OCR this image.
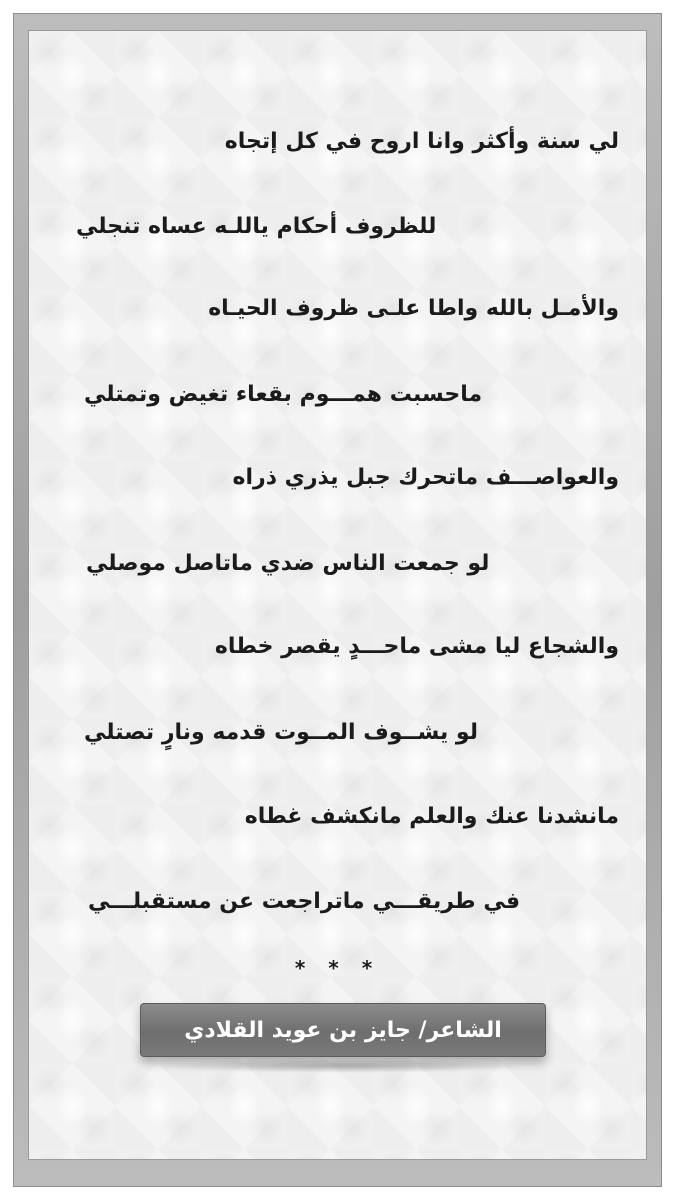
لي سنة وأكثر وانا اروح في كل إتجاه

للظروف أحكام ياللـه عساه تنجلي

والأمـل بالله واطا علـى ظروف الحيـاه

ماحسبت همـــوم بقعاء تغيض وتمتلي

والعواصـــف ماتحرك جبل يذري ذراه

لو جمعت الناس ضدي ماتاصل موصلي

والشجاع ليا مشى ماحـــدٍ يقصر خطاه

لو يشــوف المــوت قدمه ونارٍ تصتلي

مانشدنا عنك والعلم مانكشف غطاه

في طريقـــي ماتراجعت عن مستقبلـــي

* * *
الشاعر/ جايز بن عويد القلادي
